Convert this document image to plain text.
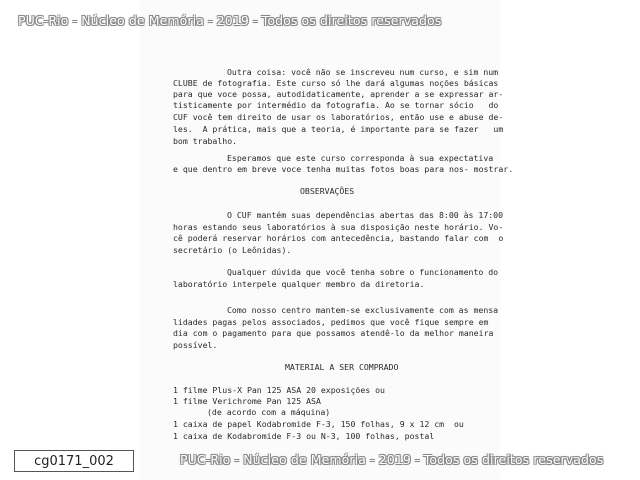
Outra coisa: você não se inscreveu num curso, e sim num
CLUBE de fotografia. Este curso só lhe dará algumas noções básicas
para que voce possa, autodidaticamente, aprender a se expressar ar-
tisticamente por intermédio da fotografia. Ao se tornar sócio   do
CUF você tem direito de usar os laboratórios, então use e abuse de-
les.  A prática, mais que a teoria, é importante para se fazer   um
bom trabalho.
Esperamos que este curso corresponda à sua expectativa
e que dentro em breve voce tenha muitas fotos boas para nos- mostrar.
OBSERVAÇÕES
O CUF mantém suas dependências abertas das 8:00 às 17:00
horas estando seus laboratórios à sua disposição neste horário. Vo-
cê poderá reservar horários com antecedência, bastando falar com  o
secretário (o Leônidas).
Qualquer dúvida que você tenha sobre o funcionamento do
laboratório interpele qualquer membro da diretoria.
Como nosso centro mantem-se exclusivamente com as mensa
lidades pagas pelos associados, pedimos que você fique sempre em
dia com o pagamento para que possamos atendê-lo da melhor maneira
possível.
MATERIAL A SER COMPRADO
1 filme Plus-X Pan 125 ASA 20 exposições ou
1 filme Verichrome Pan 125 ASA
(de acordo com a máquina)
1 caixa de papel Kodabromide F-3, 150 folhas, 9 x 12 cm  ou
1 caixa de Kodabromide F-3 ou N-3, 100 folhas, postal
PUC-Rio - Núcleo de Memória - 2019 - Todos os direitos reservados
PUC-Rio - Núcleo de Memória - 2019 - Todos os direitos reservados
cg0171_002
